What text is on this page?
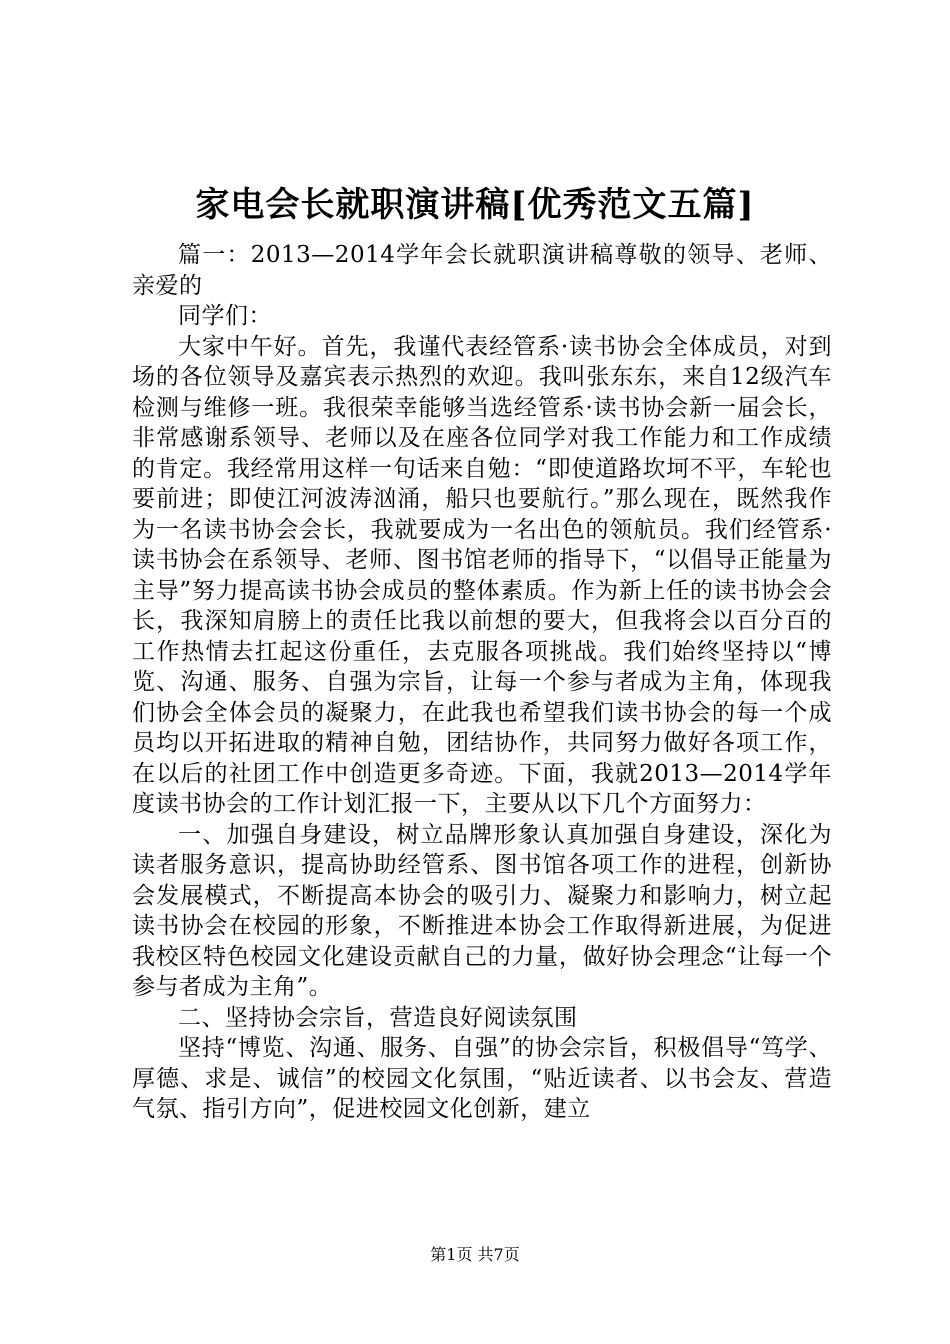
家电会长就职演讲稿[优秀范文五篇]

篇一：2013—2014学年会长就职演讲稿尊敬的领导、老师、亲爱的

同学们：

大家中午好。首先，我谨代表经管系·读书协会全体成员，对到场的各位领导及嘉宾表示热烈的欢迎。我叫张东东，来自12级汽车检测与维修一班。我很荣幸能够当选经管系·读书协会新一届会长，非常感谢系领导、老师以及在座各位同学对我工作能力和工作成绩的肯定。我经常用这样一句话来自勉：“即使道路坎坷不平，车轮也要前进；即使江河波涛汹涌，船只也要航行。”那么现在，既然我作为一名读书协会会长，我就要成为一名出色的领航员。我们经管系·读书协会在系领导、老师、图书馆老师的指导下，“以倡导正能量为主导”努力提高读书协会成员的整体素质。作为新上任的读书协会会长，我深知肩膀上的责任比我以前想的要大，但我将会以百分百的工作热情去扛起这份重任，去克服各项挑战。我们始终坚持以“博览、沟通、服务、自强为宗旨，让每一个参与者成为主角，体现我们协会全体会员的凝聚力，在此我也希望我们读书协会的每一个成员均以开拓进取的精神自勉，团结协作，共同努力做好各项工作，在以后的社团工作中创造更多奇迹。下面，我就2013—2014学年度读书协会的工作计划汇报一下，主要从以下几个方面努力：

一、加强自身建设，树立品牌形象认真加强自身建设，深化为读者服务意识，提高协助经管系、图书馆各项工作的进程，创新协会发展模式，不断提高本协会的吸引力、凝聚力和影响力，树立起读书协会在校园的形象，不断推进本协会工作取得新进展，为促进我校区特色校园文化建设贡献自己的力量，做好协会理念“让每一个参与者成为主角”。

二、坚持协会宗旨，营造良好阅读氛围

坚持“博览、沟通、服务、自强”的协会宗旨，积极倡导“笃学、厚德、求是、诚信”的校园文化氛围，“贴近读者、以书会友、营造气氛、指引方向”，促进校园文化创新，建立

第1页 共7页
